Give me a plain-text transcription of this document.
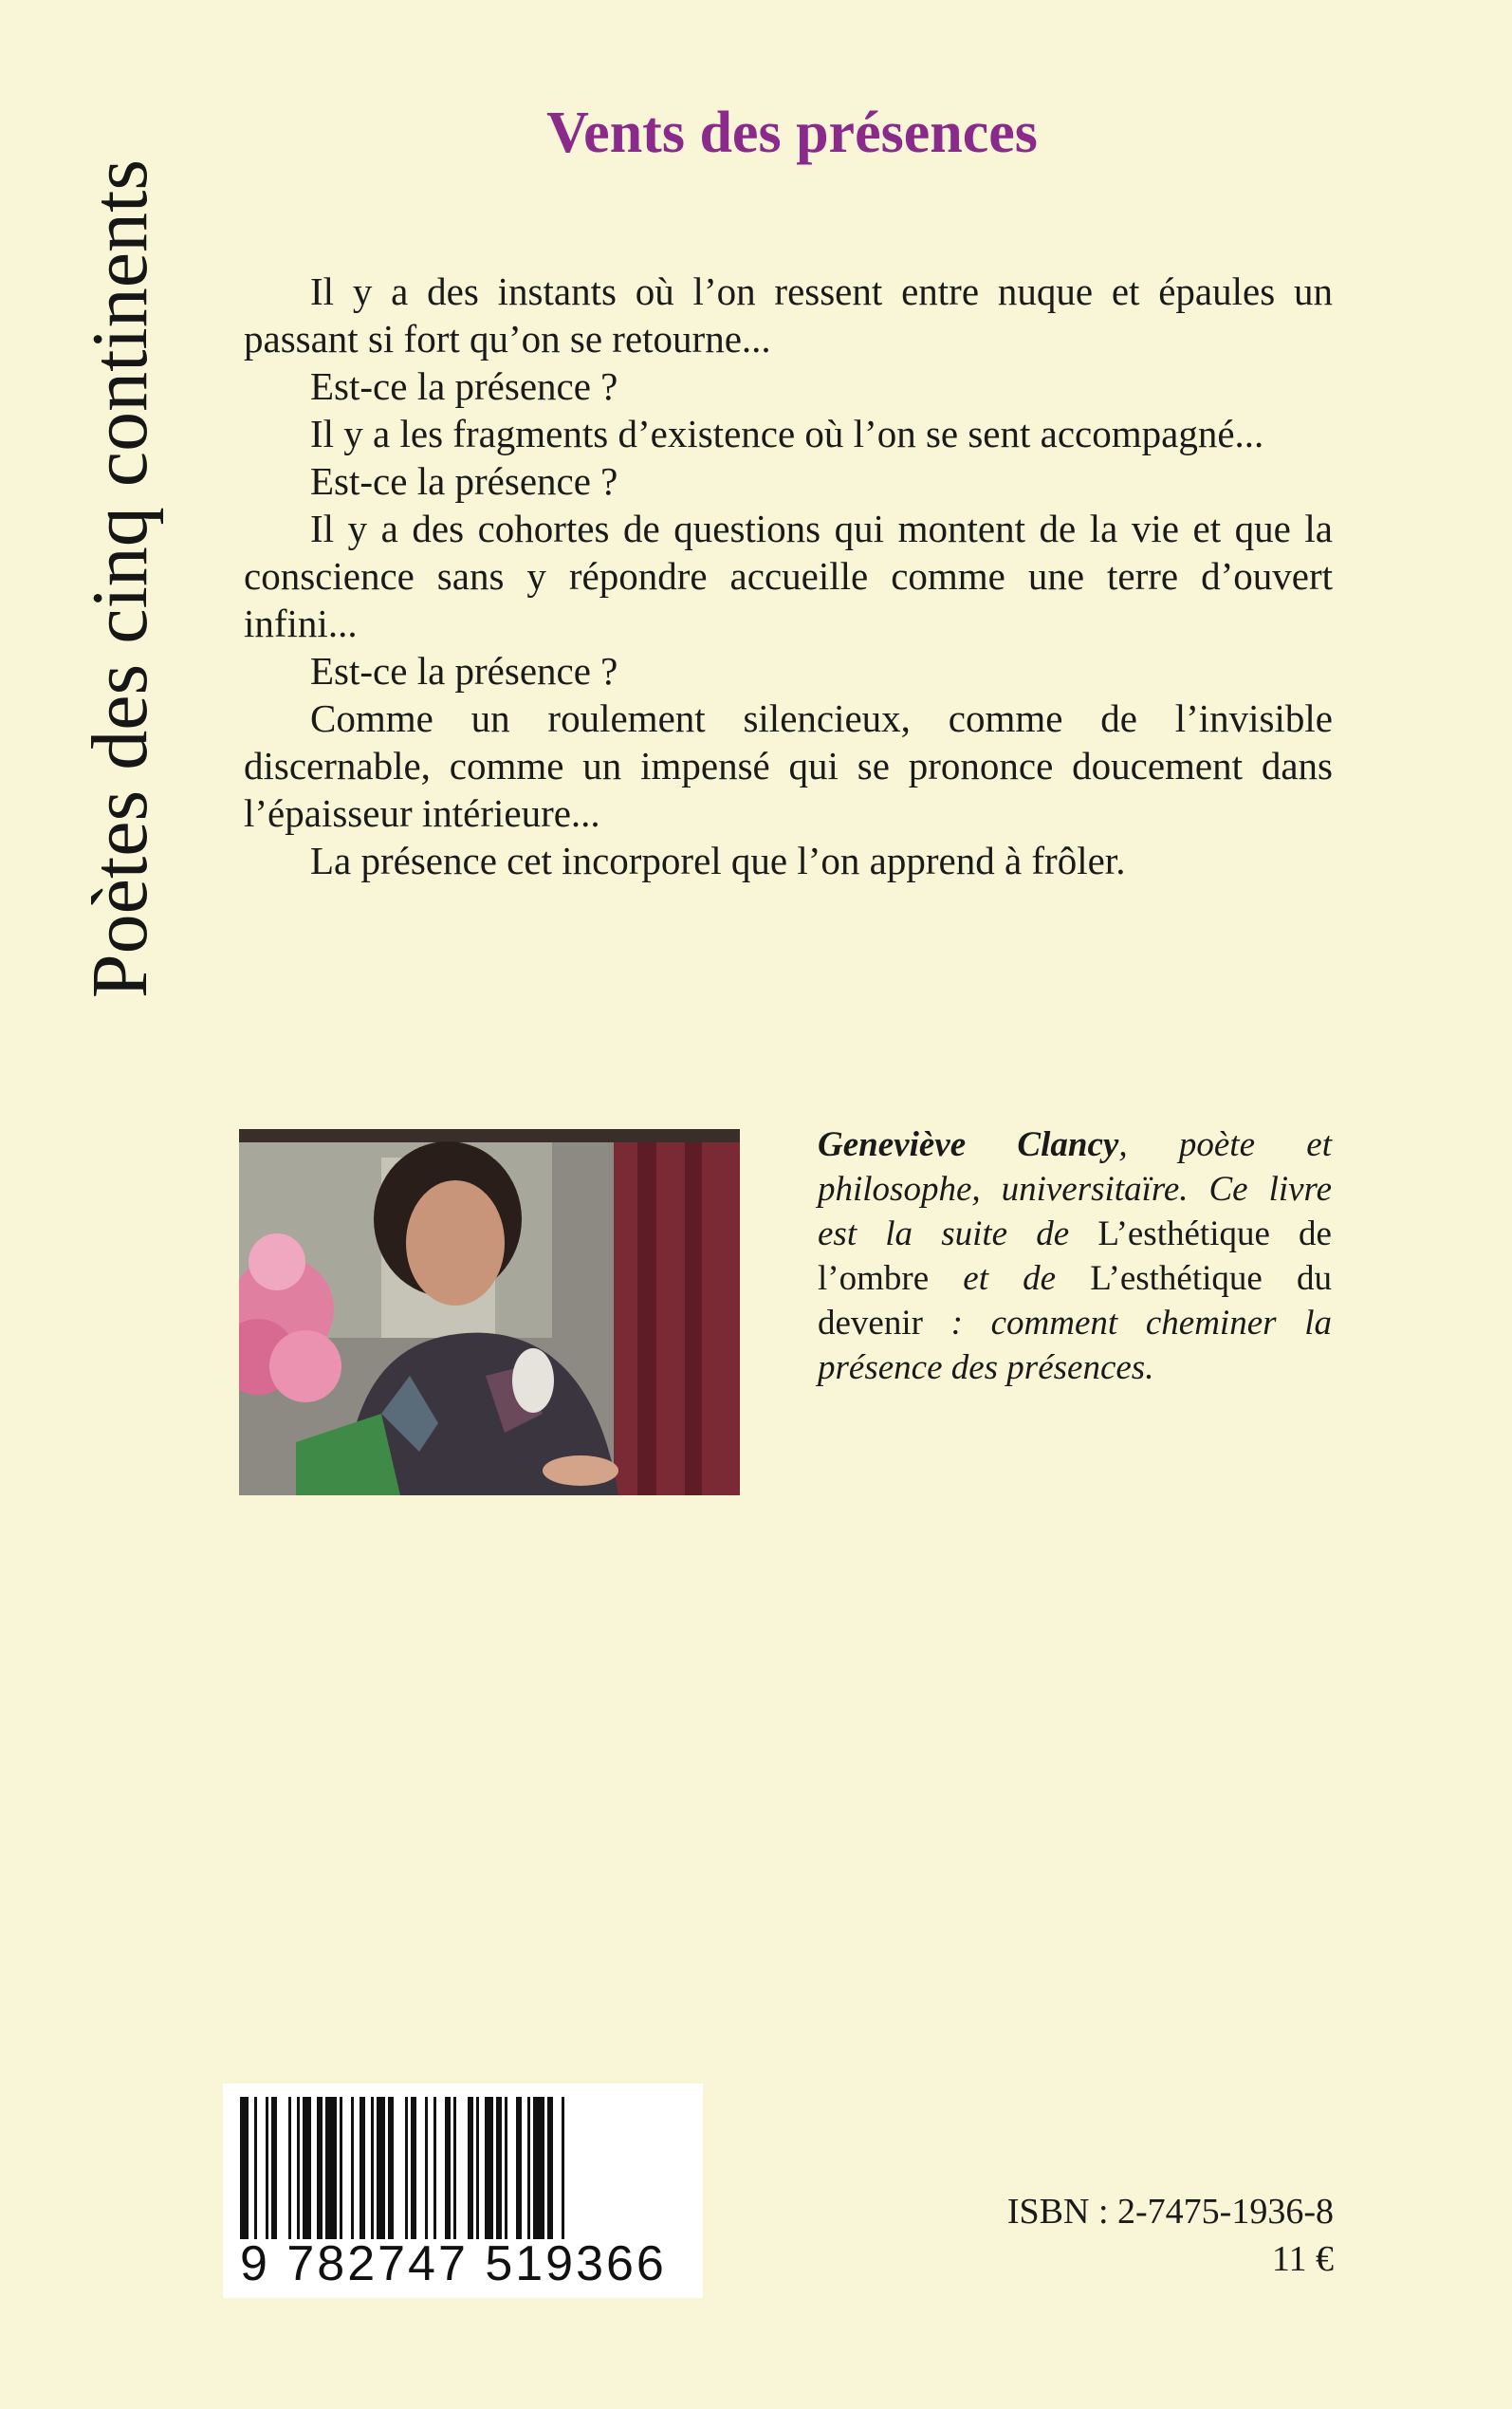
Poètes des cinq continents
Vents des présences

Il y a des instants où l’on ressent entre nuque et épaules un passant si fort qu’on se retourne...

Est-ce la présence ?

Il y a les fragments d’existence où l’on se sent accompagné...

Est-ce la présence ?

Il y a des cohortes de questions qui montent de la vie et que la conscience sans y répondre accueille comme une terre d’ouvert infini...

Est-ce la présence ?

Comme un roulement silencieux, comme de l’invisible discernable, comme un impensé qui se prononce doucement dans l’épaisseur intérieure...

La présence cet incorporel que l’on apprend à frôler.

Geneviève Clancy, poète et philosophe, universitaïre. Ce livre est la suite de L’esthétique de l’ombre et de L’esthétique du devenir : comment cheminer la présence des présences.
9 782747 519366
ISBN : 2-7475-1936-8
11 €
